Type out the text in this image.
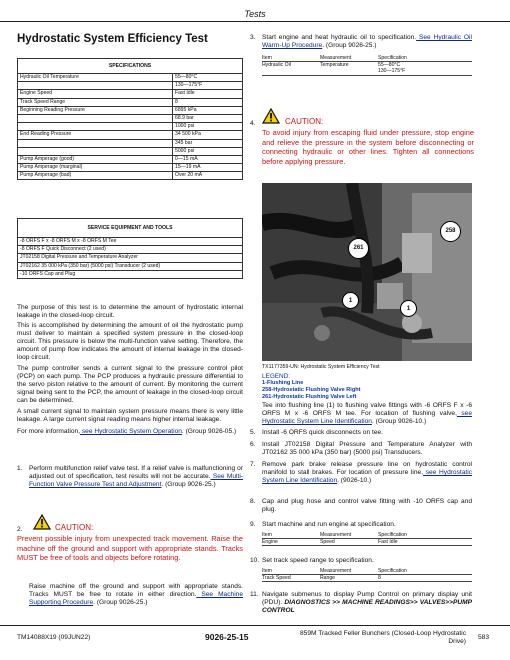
Tests
Hydrostatic System Efficiency Test
SPECIFICATIONS	
Hydraulic Oil Temperature	55—80°C
	130—175°F
Engine Speed	Fast Idle
Track Speed Range	8
Beginning Reading Pressure	6895 kPa
	68.9 bar
	1000 psi
End Reading Pressure	34 500 kPa
	345 bar
	5000 psi
Pump Amperage (good)	0—15 mA
Pump Amperage (marginal)	15—19 mA
Pump Amperage (bad)	Over 20 mA
SERVICE EQUIPMENT AND TOOLS
-8 ORFS F x -8 ORFS M x -8 ORFS M Tee
-8 ORFS F Quick Disconnect (2 used)
JT02158 Digital Pressure and Temperature Analyzer
JT02162 35 000 kPa (350 bar) (5000 psi) Transducer (2 used)
-10 ORFS Cap and Plug

The purpose of this test is to determine the amount of hydrostatic internal leakage in the closed-loop circuit.

This is accomplished by determining the amount of oil the hydrostatic pump must deliver to maintain a specified system pressure in the closed-loop circuit. This pressure is below the multi-function valve setting. Therefore, the amount of pump flow indicates the amount of internal leakage in the closed-loop circuit.

The pump controller sends a current signal to the pressure control pilot (PCP) on each pump. The PCP produces a hydraulic pressure differential to the servo piston relative to the amount of current. By monitoring the current signal being sent to the PCP, the amount of leakage in the closed-loop circuit can be determined.

A small current signal to maintain system pressure means there is very little leakage. A large current signal reading means higher internal leakage.

For more information, see Hydrostatic System Operation. (Group 9026-05.)

1. Perform multifunction relief valve test. If a relief valve is malfunctioning or adjusted out of specification, test results will not be accurate. See Multi-Function Valve Pressure Test and Adjustment. (Group 9026-25.)

2.	CAUTION:

Prevent possible injury from unexpected track movement. Raise the machine off the ground and support with appropriate stands. Tracks MUST be free of tools and objects before rotating.

Raise machine off the ground and support with appropriate stands. Tracks MUST be free to rotate in either direction. See Machine Supporting Procedure. (Group 9026-25.)

3. Start engine and heat hydraulic oil to specification. See Hydraulic Oil Warm-Up Procedure. (Group 9026-25.)

Item	Measurement	Specification
Hydraulic Oil	Temperature	55—80°C
130—175°F
4.	CAUTION:

To avoid injury from escaping fluid under pressure, stop engine and relieve the pressure in the system before disconnecting or connecting hydraulic or other lines. Tighten all connections before applying pressure.

258
261
1
1
TX1177359-UN: Hydrostatic System Efficiency Test
LEGEND:
1-Flushing Line
258-Hydrostatic Flushing Valve Right
261-Hydrostatic Flushing Valve Left

Tee into flushing line (1) to flushing valve fittings with -6 ORFS F x -6 ORFS M x -6 ORFS M tee. For location of flushing valve, see Hydrostatic System Line Identification. (Group 9026-10.)

5. Install -6 ORFS quick disconnects on tee.

6. Install JT02158 Digital Pressure and Temperature Analyzer with JT02162 35 000 kPa (350 bar) (5000 psi) Transducers.

7. Remove park brake release pressure line on hydrostatic control manifold to stall brakes. For location of pressure line, see Hydrostatic System Line Identification. (9026-10.)

8. Cap and plug hose and control valve fitting with -10 ORFS cap and plug.

9. Start machine and run engine at specification.

Item	Measurement	Specification
Engine	Speed	Fast Idle
10. Set track speed range to specification.

Item	Measurement	Specification
Track Speed	Range	8
11. Navigate submenus to display Pump Control on primary display unit (PDU). DIAGNOSTICS >> MACHINE READINGS>> VALVES>>PUMP CONTROL

TM14088X19 (09JUN22)	9026-25-15	859M Tracked Feller Bunchers (Closed-Loop Hydrostatic Drive)
583
